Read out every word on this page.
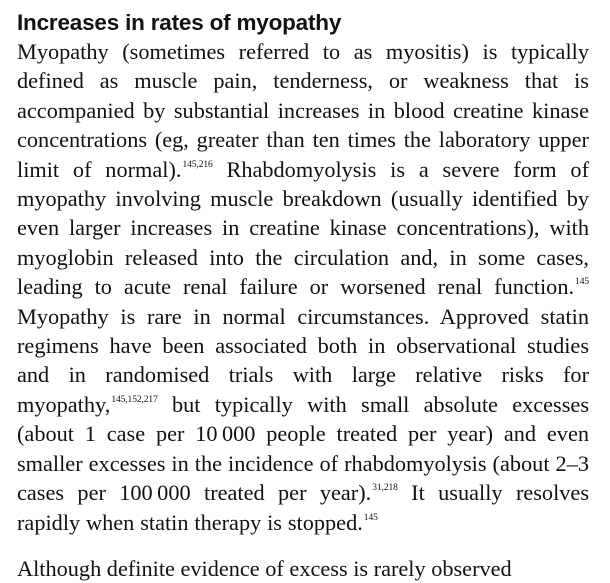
Increases in rates of myopathy

Myopathy (sometimes referred to as myositis) is typically defined as muscle pain, tenderness, or weakness that is accompanied by substantial increases in blood creatine kinase concentrations (eg, greater than ten times the laboratory upper limit of normal).$^{145,216}$ Rhabdomyolysis is a severe form of myopathy involving muscle breakdown (usually identified by even larger increases in creatine kinase concentrations), with myoglobin released into the circulation and, in some cases, leading to acute renal failure or worsened renal function.$^{145}$ Myopathy is rare in normal circumstances. Approved statin regimens have been associated both in observational studies and in randomised trials with large relative risks for myopathy,$^{145,152,217}$ but typically with small absolute excesses (about 1 case per 10 000 people treated per year) and even smaller excesses in the incidence of rhabdomyolysis (about 2–3 cases per 100 000 treated per year).$^{31,218}$ It usually resolves rapidly when statin therapy is stopped.$^{145}$

Although definite evidence of excess is rarely observed
